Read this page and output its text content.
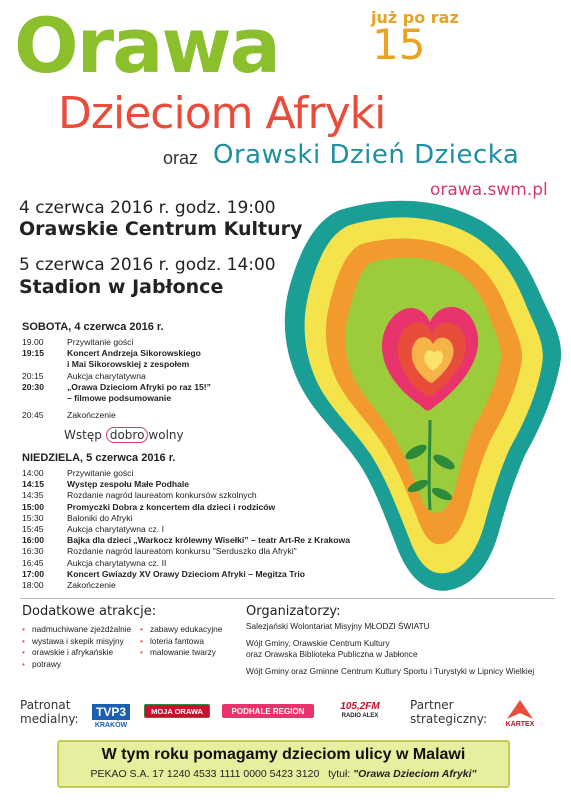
Orawa	już po raz
15
Dzieciom Afryki
oraz Orawski Dzień Dziecka
orawa.swm.pl
4 czerwca 2016 r. godz. 19:00
Orawskie Centrum Kultury
5 czerwca 2016 r. godz. 14:00
Stadion w Jabłonce
SOBOTA, 4 czerwca 2016 r.
19.00	Przywitanie gości
19:15	Koncert Andrzeja Sikorowskiego
i Mai Sikorowskiej z zespołem
20:15	Aukcja charytatywna
20:30	„Orawa Dzieciom Afryki po raz 15!”
– filmowe podsumowanie
20:45	Zakończenie
Wstęp dobro wolny
NIEDZIELA, 5 czerwca 2016 r.
14:00	Przywitanie gości
14:15	Występ zespołu Małe Podhale
14:35	Rozdanie nagród laureatom konkursów szkolnych
15:00	Promyczki Dobra z koncertem dla dzieci i rodziców
15:30	Baloniki do Afryki
15:45	Aukcja charytatywna cz. I
16:00	Bajka dla dzieci „Warkocz królewny Wisełki” – teatr Art-Re z Krakowa
16:30	Rozdanie nagród laureatom konkursu "Serduszko dla Afryki"
16:45	Aukcja charytatywna cz. II
17:00	Koncert Gwiazdy XV Orawy Dzieciom Afryki – Megitza Trio
18:00	Zakończenie
Dodatkowe atrakcje:
• nadmuchiwane zjeżdżalnie
• wystawa i skepik misyjny
• orawskie i afrykańskie
• potrawy
• zabawy edukacyjne
• loteria fantowa
• malowanie twarzy
Organizatorzy:
Salezjański Wolontariat Misyjny MŁODZI ŚWIATU
Wójt Gminy, Orawskie Centrum Kultury
oraz Orawska Biblioteka Publiczna w Jabłonce
Wójt Gminy oraz Gminne Centrum Kultury Sportu i Turystyki w Lipnicy Wielkiej
Patronat
medialny:
TVP3
KRAKÓW
MOJA ORAWA	PODHALE REGION	105,2FM
RADIO ALEX
Partner
strategiczny:	KARTEX
W tym roku pomagamy dzieciom ulicy w Malawi
PEKAO S.A. 17 1240 4533 1111 0000 5423 3120 tytuł: "Orawa Dzieciom Afryki"
